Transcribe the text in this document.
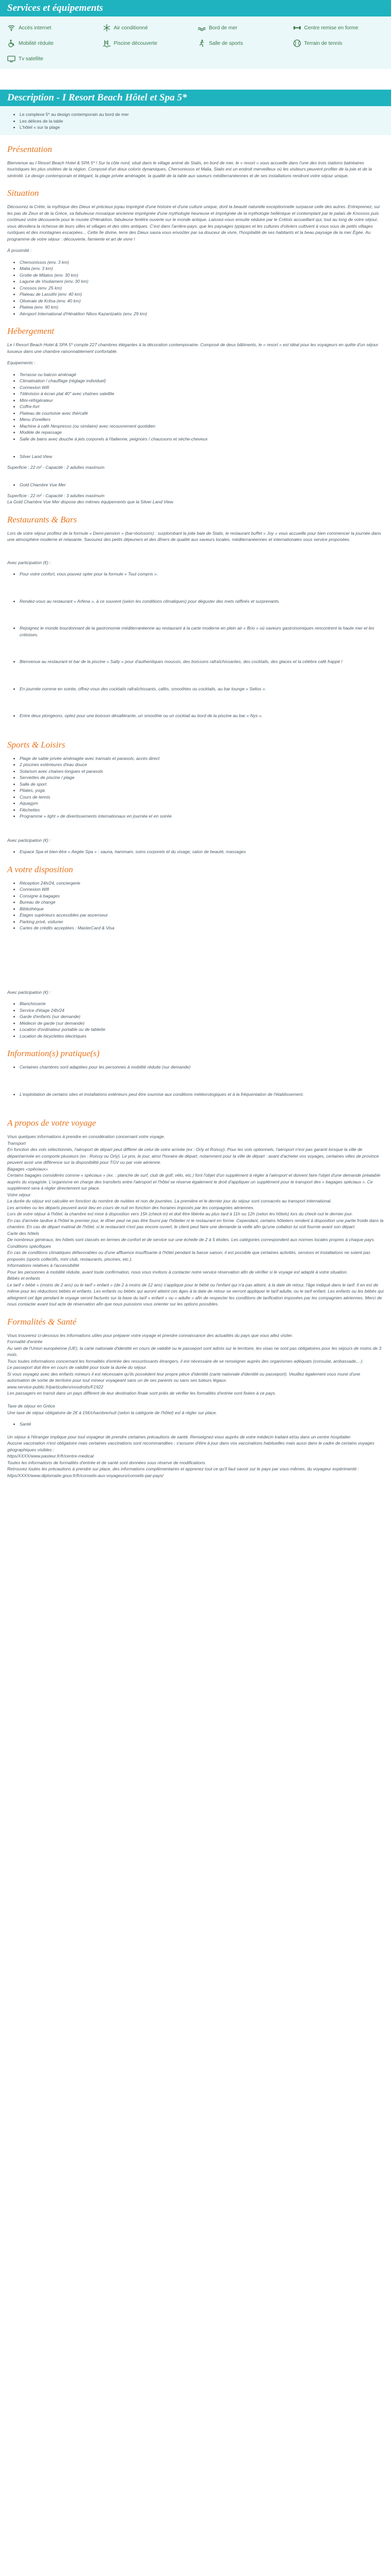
Services et équipements
Accès internet	Air conditionné	Bord de mer	Centre remise en forme
Mobilité réduite	Piscine découverte	Salle de sports	Terrain de tennis
Tv satellite
Description - I Resort Beach Hôtel et Spa 5*
• Le complexe 5* au design contemporain au bord de mer
• Les délices de la table
• L'hôtel « sur la plage
Présentation

Bienvenue au I Resort Beach Hotel & SPA 5* ! Sur la côte nord, situé dans le village animé de Stalis, en bord de mer, le « resort » vous accueille dans l'une des trois stations balnéaires touristiques les plus visitées de la région. Composé d'un doux coloris dynamiques, Chersonissos et Malia, Stalis est un endroit merveilleux où les visiteurs peuvent profiter de la joie et de la sérénité. Le design contemporain et élégant, la plage privée aménagée, la qualité de la table aux saveurs méditerranéennes et de ses installations rendront votre séjour unique.

Situation

Découvrez la Crète, la mythique des Dieux et précieux joyau imprégné d'une histoire et d'une culture unique, dont la beauté naturelle exceptionnelle surpasse celle des autres. Entreprenez, sur les pas de Zeus et de la Grèce, sa fabuleuse mosaïque ancienne imprégnée d'une mythologie heureuse et imprégnée de la mythologie hellénique et contemplant par le palais de Knossos puis continuez votre découverte pour le musée d'Héraklion, fabuleuse fenêtre ouverte sur le monde antique. Laissez-vous ensuite séduire par le Crétois accueillant qui, tout au long de votre séjour, vous dévoilera la richesse de leurs villes et villages et des sites antiques. C'est dans l'arrière-pays, que les paysages typiques et les cultures d'oliviers cultivent à vous sous de petits villages rustiques et des montagnes escarpées... Cette île divine, terre des Dieux saura vous envoûter par sa douceur de vivre, l'hospitalité de ses habitants et la beau paysage de la mer Égée. Au programme de votre séjour : découverte, farniente et art de vivre !

À proximité :

• Chersonissos (env. 3 km)
• Malia (env. 3 km)
• Grotte de Milatos (env. 30 km)
• Lagune de Vouliameni (env. 30 km)
• Cnossos (env. 25 km)
• Plateau de Lassithi (env. 40 km)
• Oliveraie de Kritsa (env. 40 km)
• Plateia (env. 90 km)
• Aéroport International d'Héraklion Nikos Kazantzakis (env. 29 km)
Hébergement

Le I Resort Beach Hotel & SPA 5* compte 227 chambres élégantes à la décoration contemporaine. Composé de deux bâtiments, le « resort » est idéal pour les voyageurs en quête d'un séjour luxueux dans une chambre raisonnablement confortable.

Equipements :

• Terrasse ou balcon aménagé
• Climatisation / chauffage (réglage individuel)
• Connexion Wifi
• Télévision à écran plat 40" avec chaînes satellite
• Mini-réfrigérateur
• Coffre-fort
• Plateau de courtoisie avec thé/café
• Menu d'oreillers
• Machine à café Nespresso (ou similaire) avec recouvrement quotidien
• Modèle de repassage
• Salle de bains avec douche à jets corporels à l'italienne, peignoirs / chaussons et sèche-cheveux
• Silver Land View

Superficie : 22 m² - Capacité : 2 adultes maximum

• Gold Chambre Vue Mer

Superficie : 22 m² - Capacité : 3 adultes maximum
La Gold Chambre Vue Mer dispose des mêmes équipements que la Silver Land View.

Restaurants & Bars

Lors de votre séjour profitez de la formule « Demi-pension » (bar+boissons) : surplombant la jolie baie de Stalis, le restaurant buffet « Joy » vous accueille pour bien commencer la journée dans une atmosphère moderne et relaxante. Savourez des petits déjeuners et des dîners de qualité aux saveurs locales, méditerranéennes et internationales sous service proposées.

Avec participation (€) :

• Pour votre confort, vous pouvez opter pour la formule « Tout compris ».
• Rendez-vous au restaurant « Arfena », à ce souvent (selon les conditions climatiques) pour déguster des mets raffinés et surprenants.
• Rejoignez le monde bourdonnant de la gastronomie méditerranéenne au restaurant à la carte moderne en plein air « Brio » où saveurs gastronomiques rencontrent la haute mer et les crétoises.
• Bienvenue au restaurant et bar de la piscine « Salty » pour d'authentiques moussis, des boissons rafraîchissantes, des cocktails, des glaces et la célèbre café frappé !
• En journée comme en soirée, offrez-vous des cocktails rafraîchissants, cafés, smoothies ou cocktails, au bar lounge « Selios ».
• Entre deux plongeons, optez pour une boisson désaltérante, un smoothie ou un cocktail au bord de la piscine au bar « Nyx ».
Sports & Loisirs
• Plage de sable privée aménagée avec transats et parasols, accès direct
• 2 piscines extérieures d'eau douce
• Solarium avec chaises-longues et parasols
• Serviettes de piscine / plage
• Salle de sport
• Pilates, yoga
• Cours de tennis
• Aquagym
• Fléchettes
• Programme « light » de divertissements internationaux en journée et en soirée

Avec participation (€) :

• Espace Spa et bien-être « Aegée Spa » : sauna, hammam, soins corporels et du visage, salon de beauté, massages
A votre disposition
• Réception 24h/24, conciergerie
• Connexion Wifi
• Consigne à bagages
• Bureau de change
• Bibliothèque
• Étages supérieurs accessibles par ascenseur
• Parking privé, voiturier
• Cartes de crédits acceptées : MasterCard & Visa

Avec participation (€) :

• Blanchisserie
• Service d'étage 24h/24
• Garde d'enfants (sur demande)
• Médecin de garde (sur demande)
• Location d'ordinateur portable ou de tablette
• Location de bicyclettes électriques
Information(s) pratique(s)
• Certaines chambres sont adaptées pour les personnes à mobilité réduite (sur demande)
• L'exploitation de certains sites et installations extérieurs peut être soumise aux conditions météorologiques et à la fréquentation de l'établissement.
A propos de votre voyage

Vous quelques informations à prendre en considération concernant votre voyage.
Transport
En fonction des vols sélectionnés, l'aéroport de départ peut différer de celui de votre arrivée (ex : Orly et Roissy). Pour les vols optionnels, l'aéroport n'est pas garanti lorsque la ville de départ/arrivée en comporte plusieurs (ex : Roissy ou Orly). Le prix, le jour, ainsi l'horaire de départ, notamment pour la ville de départ : avant d'acheter vos voyages, certaines villes de province peuvent avoir une différence sur la disponibilité pour TGV ou par voie aérienne.
Bagages «spéciaux»
Certains bagages considérés comme « spéciaux » (ex. : planche de surf, club de golf, vélo, etc.) font l'objet d'un supplément à régler à l'aéroport et doivent faire l'objet d'une demande préalable auprès du voyagiste. L'organisme en charge des transferts entre l'aéroport et l'hôtel se réserve également le droit d'appliquer un supplément pour le transport des « bagages spéciaux ». Ce supplément sera à régler directement sur place.
Votre séjour
La durée du séjour est calculée en fonction du nombre de nuitées et non de journées. La première et le dernier jour du séjour sont consacrés au transport international.
Les arrivées ou les départs peuvent avoir lieu en cours de nuit en fonction des horaires imposés par les compagnies aériennes.
Lors de votre séjour à l'hôtel, la chambre est mise à disposition vers 15h (check-in) et doit être libérée au plus tard à 11h ou 12h (selon les hôtels) lors du check-out le dernier jour.
En cas d'arrivée tardive à l'hôtel le premier jour, le dîner peut ne pas être fourni par l'hôtelier ni le restaurant en forme. Cependant, certains hôteliers rendent à disposition une partie froide dans la chambre. En cas de départ matinal de l'hôtel, si le restaurant n'est pas encore ouvert, le client peut faire une demande la veille afin qu'une collation lui soit fournie avant son départ.
Carte des hôtels
De nombreux généraux, les hôtels sont classés en termes de confort et de service sur une échelle de 2 à 5 étoiles. Les catégories correspondent aux normes locales propres à chaque pays.
Conditions spécifiques
En cas de conditions climatiques défavorables ou d'une affluence insuffisante à l'hôtel pendant la basse saison, il est possible que certaines activités, services et installations ne soient pas proposés (sports collectifs, mini club, restaurants, piscines, etc.).
Informations relatives à l'accessibilité
Pour les personnes à mobilité réduite, avant toute confirmation, nous vous invitons à contacter notre service réservation afin de vérifier si le voyage est adapté à votre situation.
Bébés et enfants
Le tarif « bébé » (moins de 2 ans) ou le tarif « enfant » (de 2 à moins de 12 ans) s'applique pour le bébé ou l'enfant qui n'a pas atteint, à la date de retour, l'âge indiqué dans le tarif. Il en est de même pour les réductions bébés et enfants. Les enfants ou bébés qui auront atteint ces âges à la date de retour se verront appliquer le tarif adulte, ou le tarif enfant. Les enfants ou les bébés qui atteignent cet âge pendant le voyage seront facturés sur la base du tarif « enfant » ou « adulte » afin de respecter les conditions de tarification imposées par les compagnies aériennes. Merci de nous contacter avant tout acte de réservation afin que nous puissions vous orienter sur les options possibles.

Formalités & Santé

Vous trouverez ci-dessous les informations utiles pour préparer votre voyage et prendre connaissance des actualités du pays que vous allez visiter.
Formalité d'entrée
Au sein de l'Union européenne (UE), la carte nationale d'identité en cours de validité ou le passeport sont admis sur le territoire, les visas ne sont pas obligatoires pour les séjours de moins de 3 mois.
Tous toutes informations concernant les formalités d'entrée des ressortissants étrangers, il est nécessaire de se renseigner auprès des organismes adéquats (consulat, ambassade,...).
Le passeport doit être en cours de validité pour toute la durée du séjour.
Si vous voyagez avec des enfants mineurs il est nécessaire qu'ils possèdent leur propre pièce d'identité (carte nationale d'identité ou passeport). Veuillez également vous munir d'une autorisation de sortie de territoire pour tout mineur voyageant sans un de ses parents ou sans ses tuteurs légaux.
www.service-public.fr/particuliers/vosdroits/F1922
Les passagers en transit dans un pays différent de leur destination finale sont priés de vérifier les formalités d'entrée sont fixées à ce pays.

Taxe de séjour en Grèce
Une taxe de séjour obligatoire de 2€ à 15€/chambre/nuit (selon la catégorie de l'hôtel) est à régler sur place.

• Santé

Un séjour à l'étranger implique pour tout voyageur de prendre certaines précautions de santé. Renseignez-vous auprès de votre médecin traitant et/ou dans un centre hospitalier.
Aucune vaccination n'est obligatoire mais certaines vaccinations sont recommandées ; s'assurer d'être à jour dans vos vaccinations habituelles mais aussi dans le cadre de certains voyages géographiques visibles :
https/XXXX/www.pasteur.fr/fr/centre-medical
Toutes les informations de formalités d'entrée et de santé sont données sous réserve de modifications.
Retrouvez toutes les précautions à prendre sur place, des informations complémentaires et apprenez tout ce qu'il faut savoir sur le pays par vous-mêmes, du voyageur expérimenté :
https/XXXX/www.diplomatie.gouv.fr/fr/conseils-aux-voyageurs/conseils-par-pays/
